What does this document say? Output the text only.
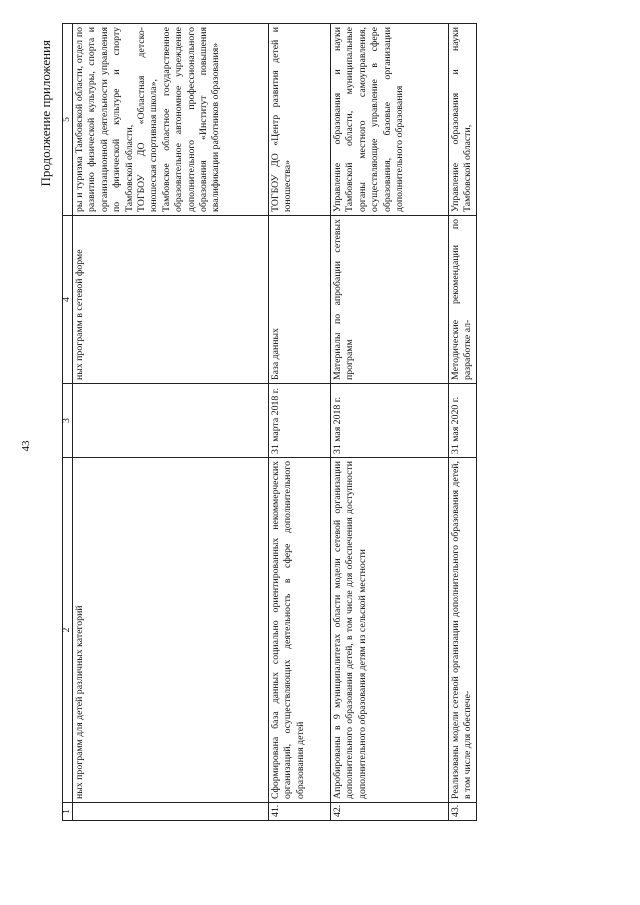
43
Продолжение приложения
1	2	3	4	5
	ных программ для детей различных категорий		ных программ в сетевой форме	ры и туризма Тамбовской области, отдел по развитию физической культуры, спорта и организационной деятельности управления по физической культуре и спорту Тамбовской области, ТОГБОУ ДО «Областная детско-юношеская спортивная школа», Тамбовское областное государственное образовательное автономное учреждение дополнительного профессионального образования «Институт повышения квалификации работников образования»

41.	Сформирована база данных социально ориентированных некоммерческих организаций, осуществляющих деятельность в сфере дополнительного образования детей	31 марта 2018 г.	База данных	ТОГБОУ ДО «Центр развития детей и юношества»

42.	Апробированы в 9 муниципалитетах области модели сетевой организации дополнительного образования детей, в том числе для обеспечения доступности дополнительного образования детям из сельской местности	31 мая 2018 г.	Материалы по апробации сетевых программ	Управление образования и науки Тамбовской области, муниципальные органы местного самоуправления, осуществляющие управление в сфере образования, базовые организации дополнительного образования

43.	Реализованы модели сетевой организации дополнительного образования детей, в том числе для обеспече-	31 мая 2020 г.	Методические рекомендации по разработке ал-	Управление образования и науки Тамбовской области,
